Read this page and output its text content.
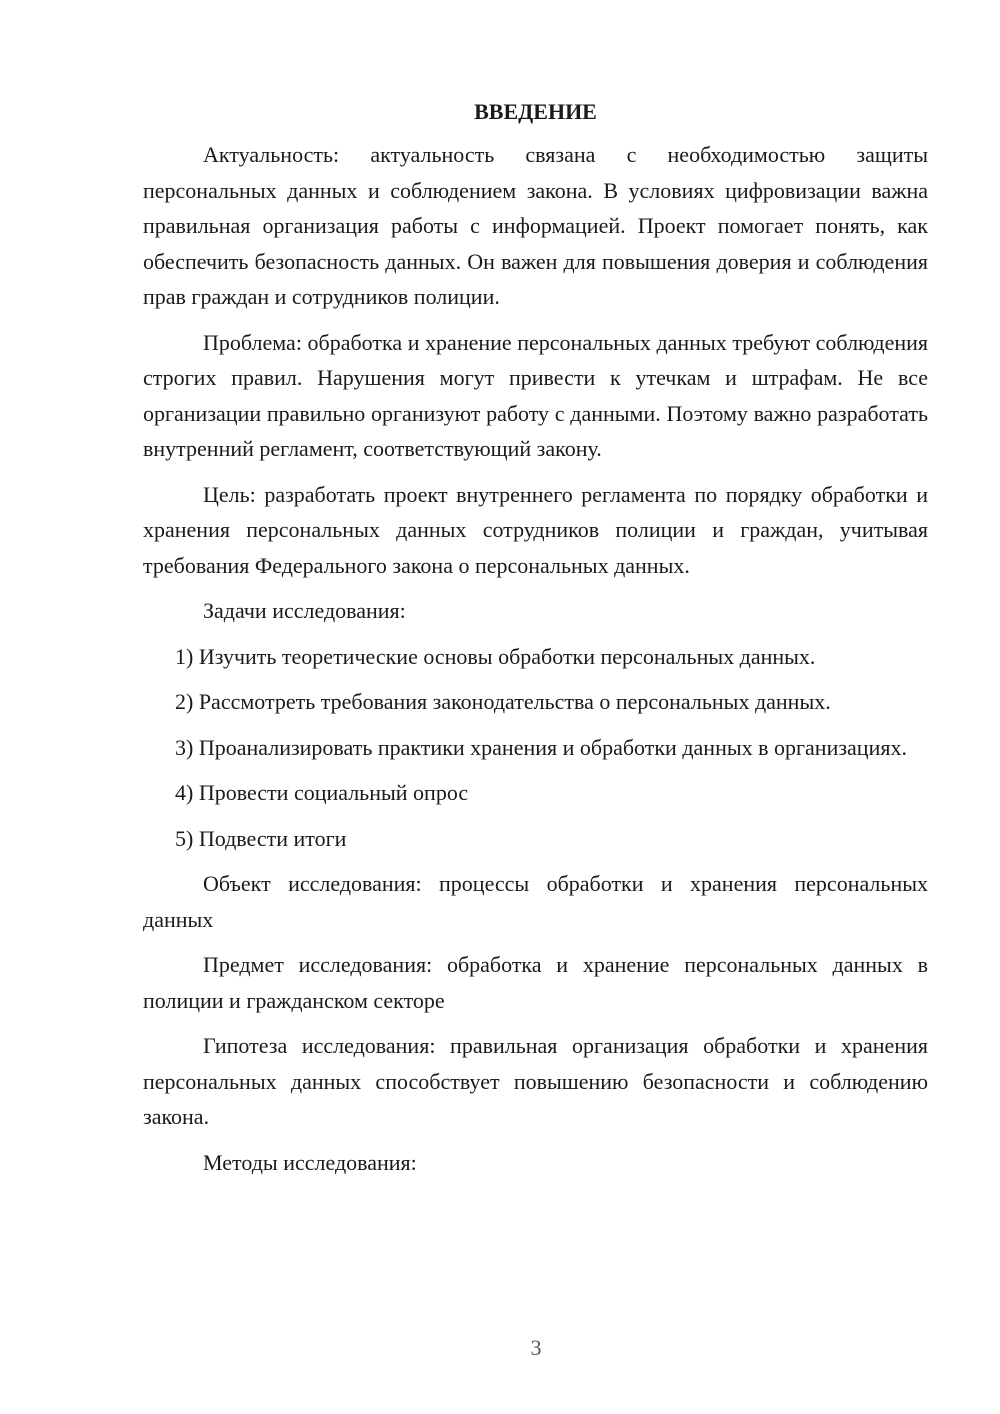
ВВЕДЕНИЕ

Актуальность: актуальность связана с необходимостью защиты персональных данных и соблюдением закона. В условиях цифровизации важна правильная организация работы с информацией. Проект помогает понять, как обеспечить безопасность данных. Он важен для повышения доверия и соблюдения прав граждан и сотрудников полиции.

Проблема: обработка и хранение персональных данных требуют соблюдения строгих правил. Нарушения могут привести к утечкам и штрафам. Не все организации правильно организуют работу с данными. Поэтому важно разработать внутренний регламент, соответствующий закону.

Цель: разработать проект внутреннего регламента по порядку обработки и хранения персональных данных сотрудников полиции и граждан, учитывая требования Федерального закона о персональных данных.

Задачи исследования:

1) Изучить теоретические основы обработки персональных данных.

2) Рассмотреть требования законодательства о персональных данных.

3) Проанализировать практики хранения и обработки данных в организациях.

4) Провести социальный опрос

5) Подвести итоги

Объект исследования: процессы обработки и хранения персональных данных

Предмет исследования: обработка и хранение персональных данных в полиции и гражданском секторе

Гипотеза исследования: правильная организация обработки и хранения персональных данных способствует повышению безопасности и соблюдению закона.

Методы исследования:

3
